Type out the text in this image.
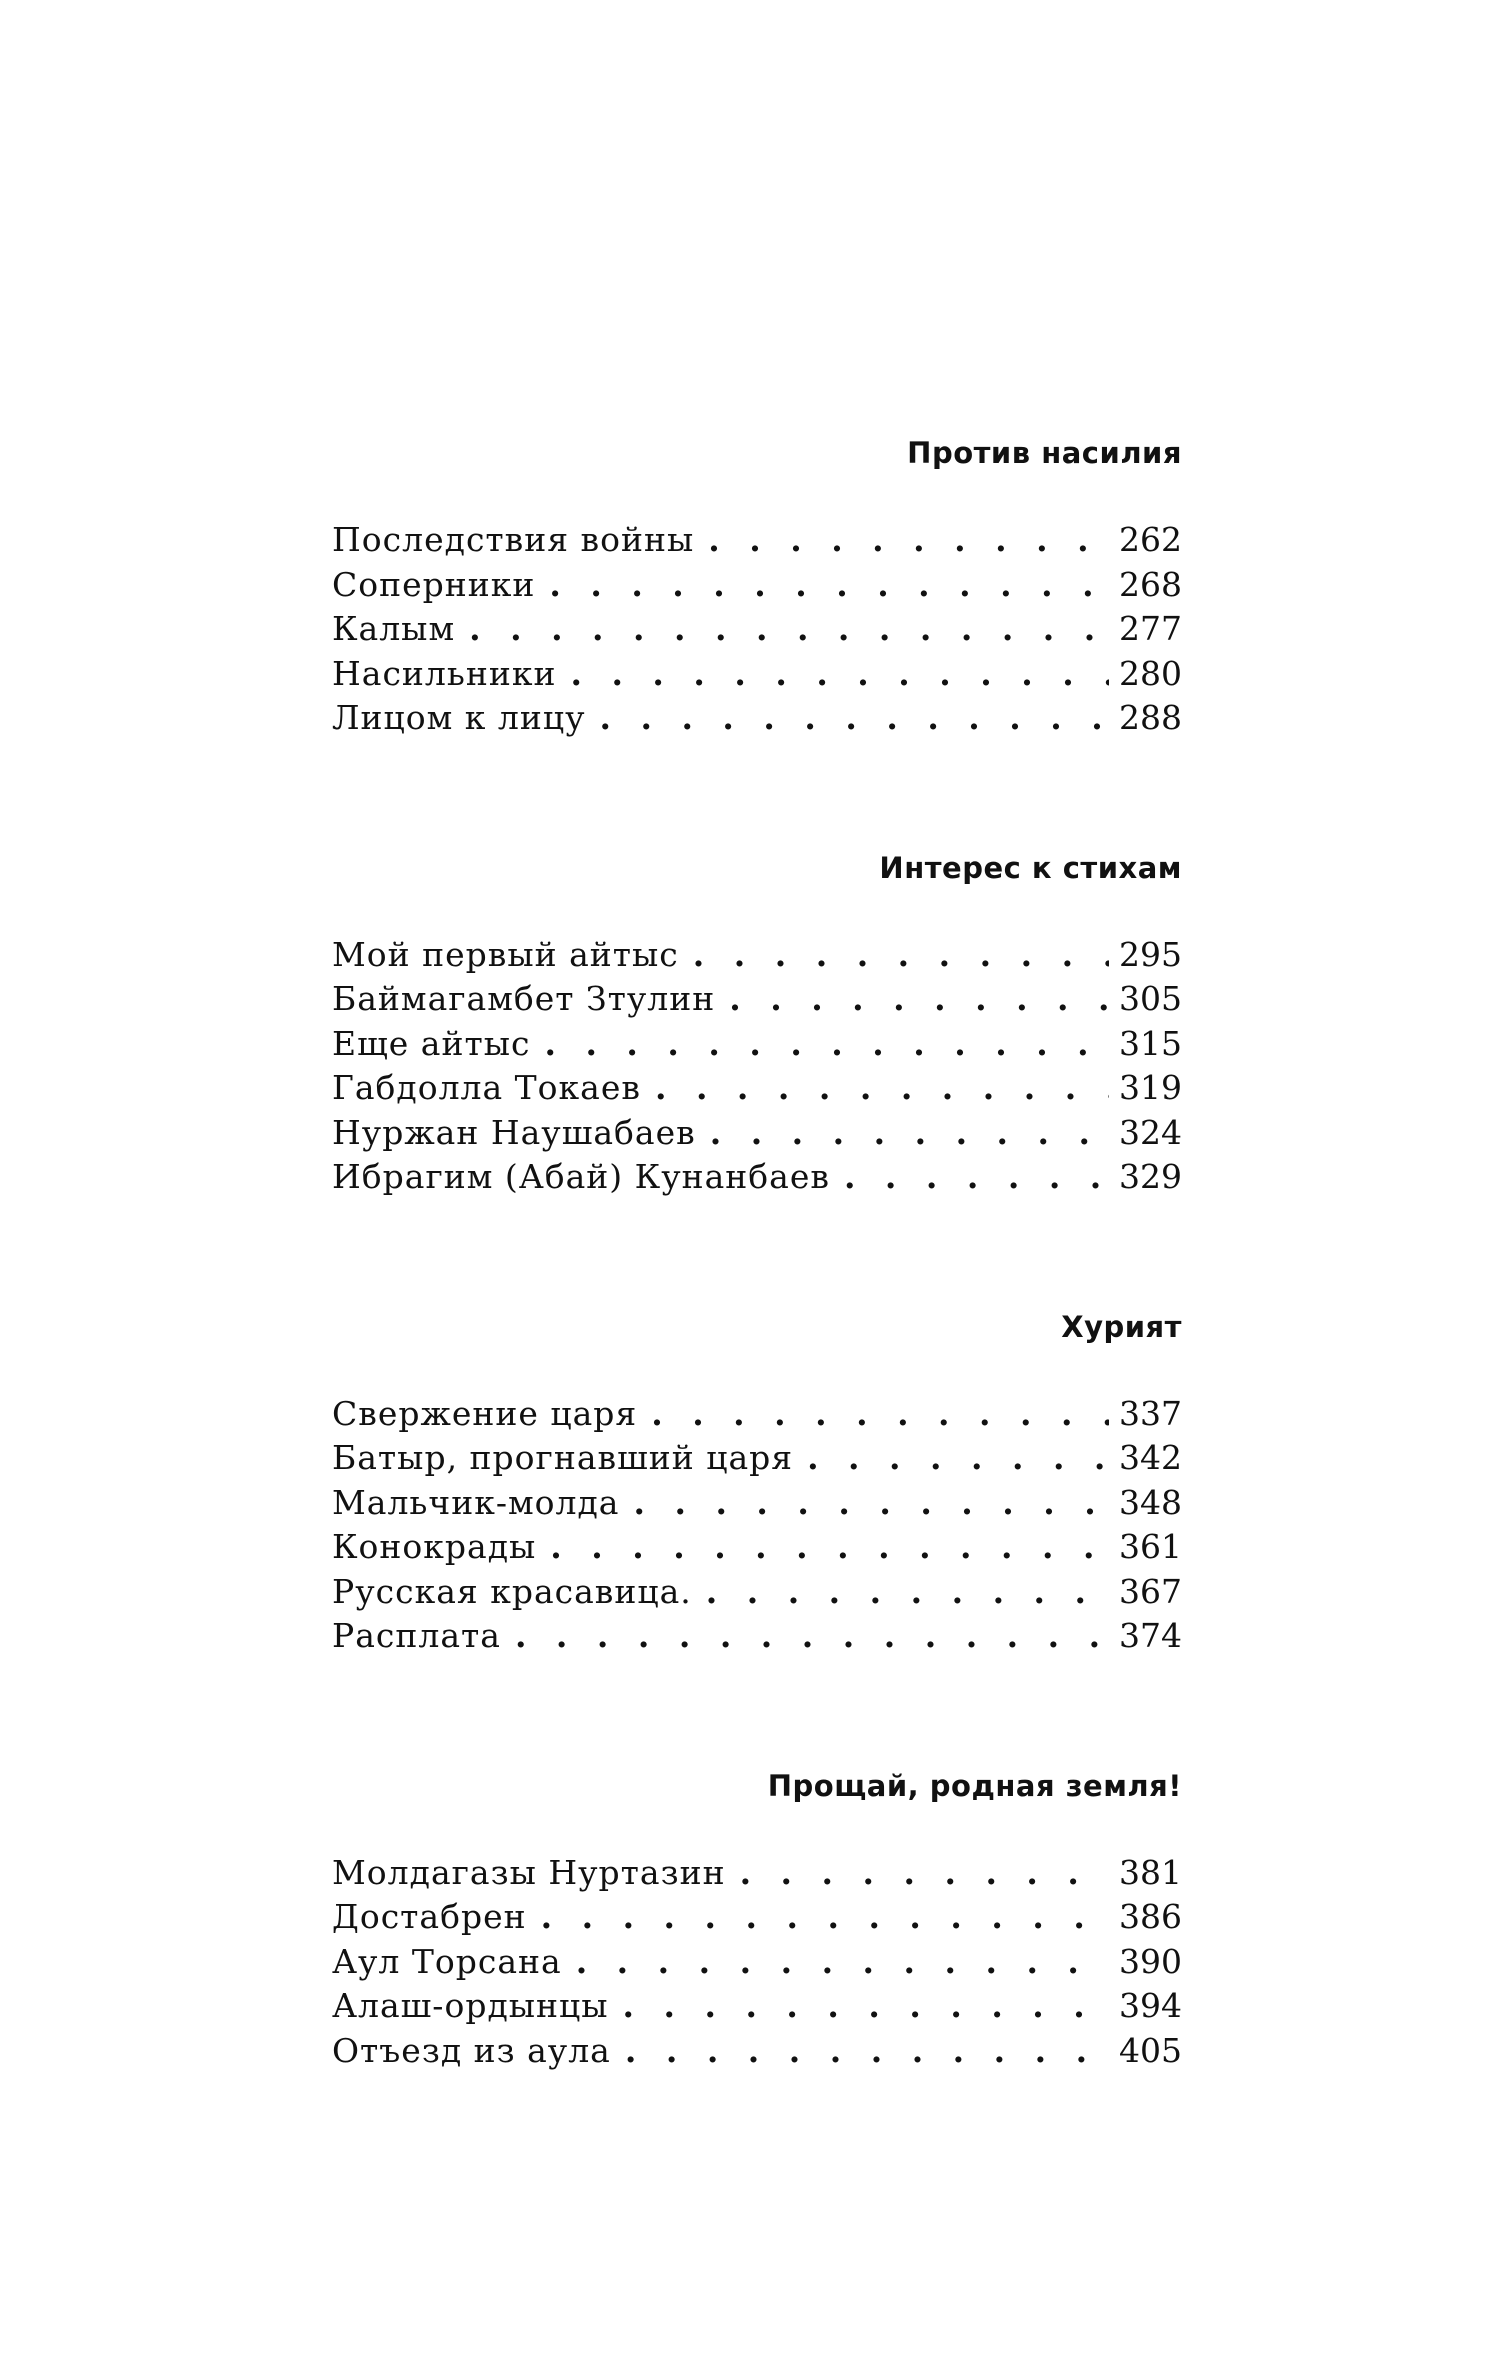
Против насилия
Последствия войны . .	262
Соперники . .	268
Калым . .	277
Насильники . .	280
Лицом к лицу . .	288
Интерес к стихам
Мой первый айтыс . .	295
Баймагамбет Зтулин . .	305
Еще айтыс . .	315
Габдолла Токаев . .	319
Нуржан Наушабаев . .	324
Ибрагим (Абай) Кунанбаев . .	329
Хурият
Свержение царя . .	337
Батыр, прогнавший царя . .	342
Мальчик-молда . .	348
Конокрады . .	361
Русская красавица. . .	367
Расплата . .	374
Прощай, родная земля!
Молдагазы Нуртазин . .	381
Достабрен . .	386
Аул Торсана . .	390
Алаш-ордынцы . .	394
Отъезд из аула . .	405
